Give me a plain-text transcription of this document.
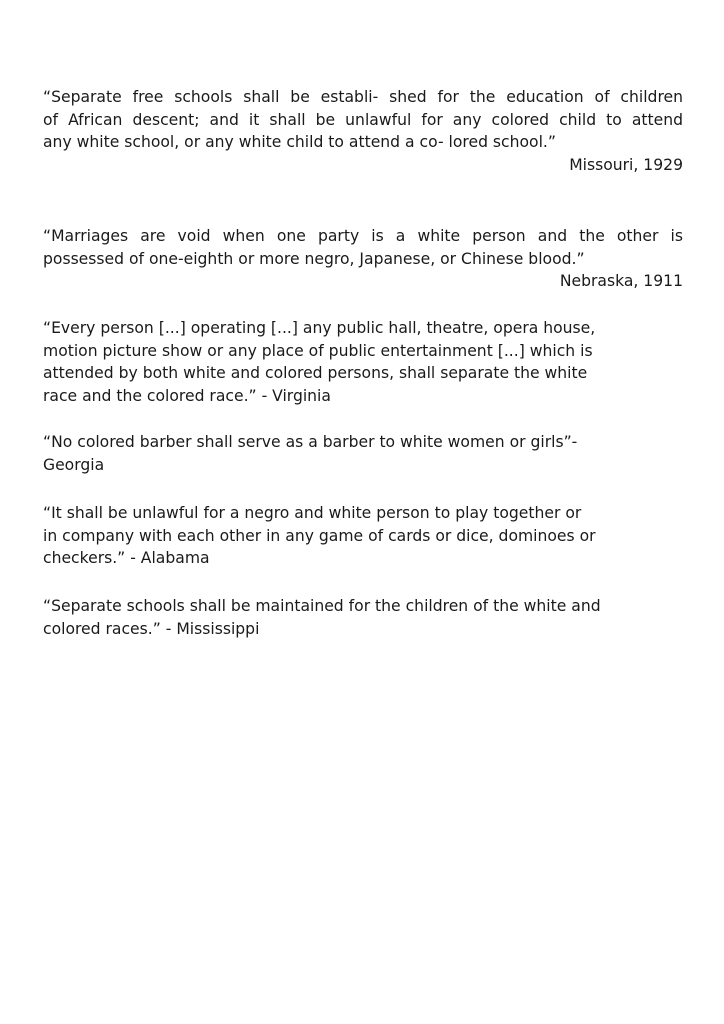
“Separate free schools shall be establi- shed for the education of children
of African descent; and it shall be unlawful for any colored child to attend
any white school, or any white child to attend a co- lored school.”
Missouri, 1929
“Marriages are void when one party is a white person and the other is
possessed of one-eighth or more negro, Japanese, or Chinese blood.”
Nebraska, 1911
“Every person [...] operating [...] any public hall, theatre, opera house,
motion picture show or any place of public entertainment [...] which is
attended by both white and colored persons, shall separate the white
race and the colored race.” - Virginia
“No colored barber shall serve as a barber to white women or girls”-
Georgia
“It shall be unlawful for a negro and white person to play together or
in company with each other in any game of cards or dice, dominoes or
checkers.” - Alabama
“Separate schools shall be maintained for the children of the white and
colored races.” - Mississippi
